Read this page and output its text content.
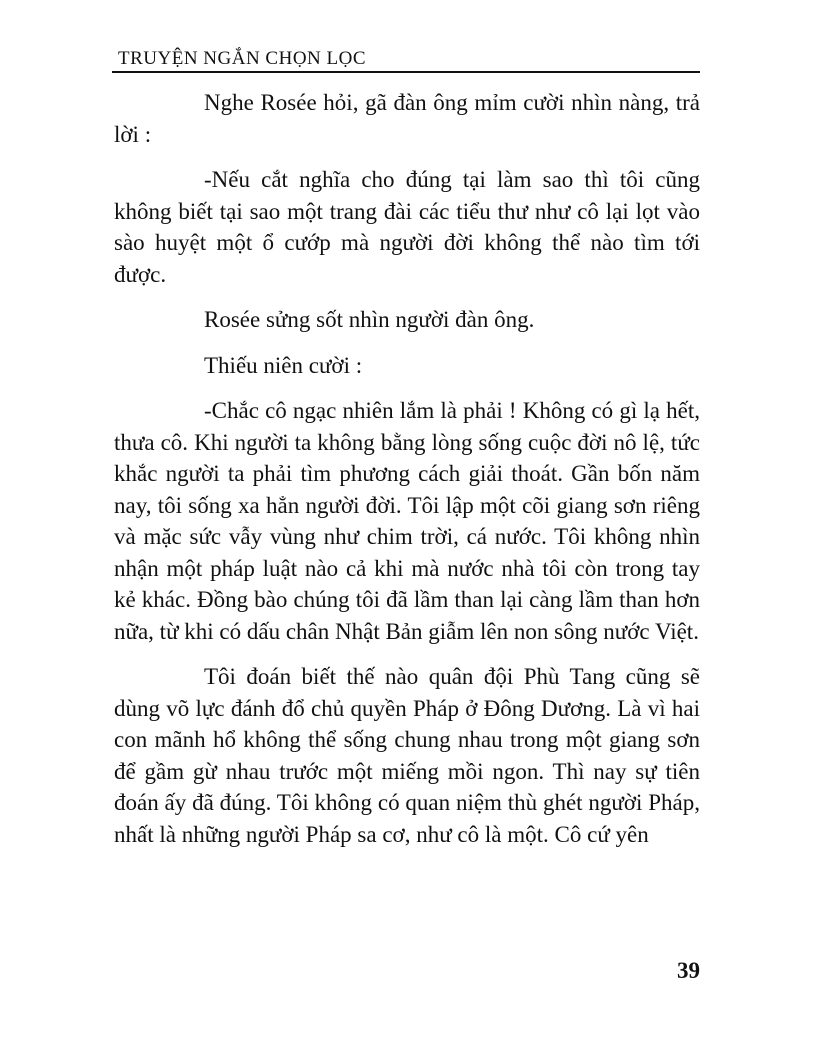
TRUYỆN NGẮN CHỌN LỌC

Nghe Rosée hỏi, gã đàn ông mỉm cười nhìn nàng, trả lời :

-Nếu cắt nghĩa cho đúng tại làm sao thì tôi cũng không biết tại sao một trang đài các tiểu thư như cô lại lọt vào sào huyệt một ổ cướp mà người đời không thể nào tìm tới được.

Rosée sửng sốt nhìn người đàn ông.

Thiếu niên cười :

-Chắc cô ngạc nhiên lắm là phải ! Không có gì lạ hết, thưa cô. Khi người ta không bằng lòng sống cuộc đời nô lệ, tức khắc người ta phải tìm phương cách giải thoát. Gần bốn năm nay, tôi sống xa hẳn người đời. Tôi lập một cõi giang sơn riêng và mặc sức vẫy vùng như chim trời, cá nước. Tôi không nhìn nhận một pháp luật nào cả khi mà nước nhà tôi còn trong tay kẻ khác. Đồng bào chúng tôi đã lầm than lại càng lầm than hơn nữa, từ khi có dấu chân Nhật Bản giẫm lên non sông nước Việt.

Tôi đoán biết thế nào quân đội Phù Tang cũng sẽ dùng võ lực đánh đổ chủ quyền Pháp ở Đông Dương. Là vì hai con mãnh hổ không thể sống chung nhau trong một giang sơn để gầm gừ nhau trước một miếng mồi ngon. Thì nay sự tiên đoán ấy đã đúng. Tôi không có quan niệm thù ghét người Pháp, nhất là những người Pháp sa cơ, như cô là một. Cô cứ yên

39
